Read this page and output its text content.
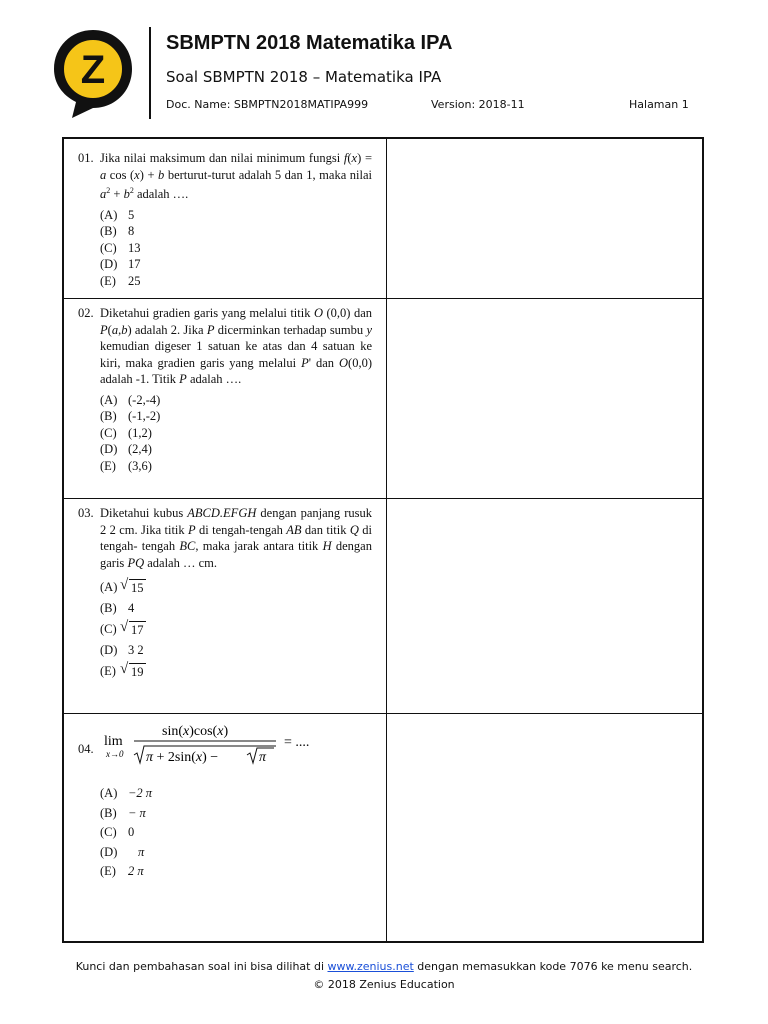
Z
SBMPTN 2018 Matematika IPA
Soal SBMPTN 2018 – Matematika IPA
Doc. Name: SBMPTN2018MATIPA999	Version: 2018-11	Halaman 1
01. Jika nilai maksimum dan nilai minimum fungsi f(x) = a cos (x) + b berturut-turut adalah 5 dan 1, maka nilai $a^2 + b^2$ adalah ….
(A) 5
(B) 8
(C) 13
(D) 17
(E) 25
02. Diketahui gradien garis yang melalui titik O (0,0) dan P(a,b) adalah 2. Jika P dicerminkan terhadap sumbu y kemudian digeser 1 satuan ke atas dan 4 satuan ke kiri, maka gradien garis yang melalui P' dan O(0,0) adalah -1. Titik P adalah ….
(A) (-2,-4)
(B) (-1,-2)
(C) (1,2)
(D) (2,4)
(E) (3,6)
03. Diketahui kubus ABCD.EFGH dengan panjang rusuk 2 2 cm. Jika titik P di tengah-tengah AB dan titik Q di tengah- tengah BC, maka jarak antara titik H dengan garis PQ adalah … cm.
(A)	√ 15
(B) 4
(C)	√ 17
(D) 3 2
(E)	√ 19
04. lim
x→0
sin(x)cos(x)
π + 2sin(x) −	π
= ....
(A) −2 π
(B) − π
(C) 0
(D)	π
(E) 2 π
Kunci dan pembahasan soal ini bisa dilihat di www.zenius.net dengan memasukkan kode 7076 ke menu search.
© 2018 Zenius Education
